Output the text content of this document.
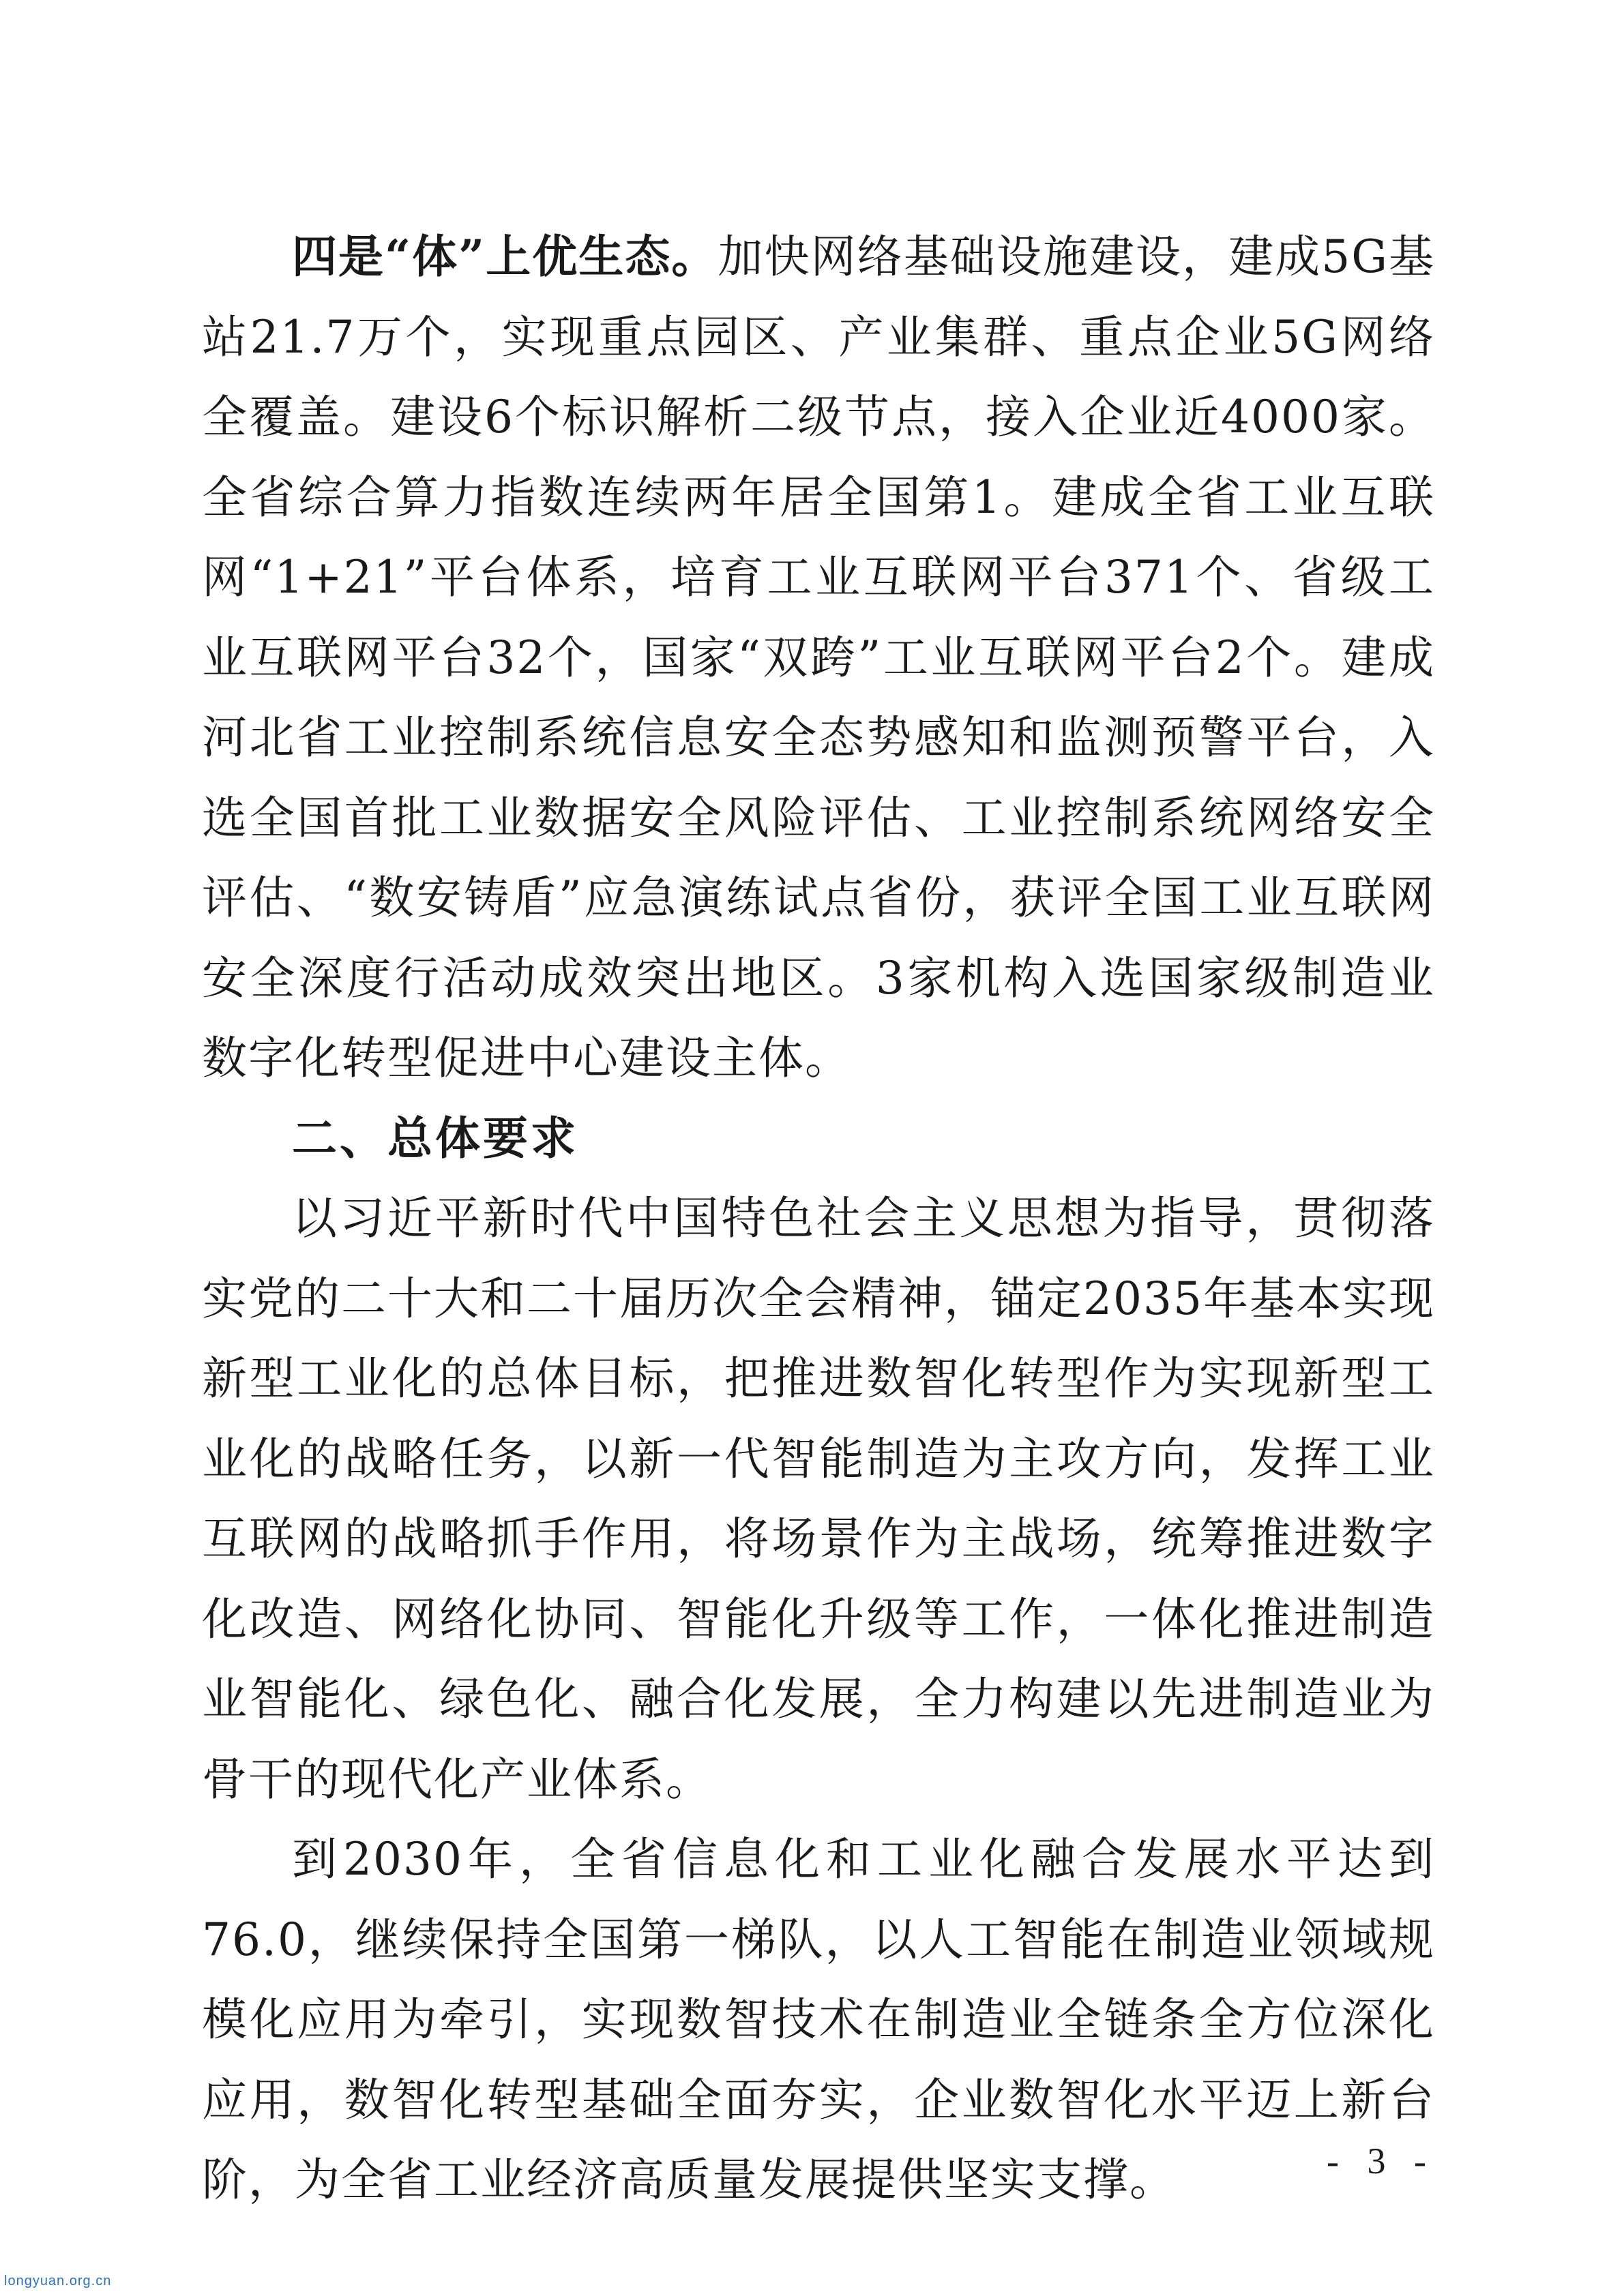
四是“体”上优生态。加快网络基础设施建设，建成5G基站21.7万个，实现重点园区、产业集群、重点企业5G网络全覆盖。建设6个标识解析二级节点，接入企业近4000家。全省综合算力指数连续两年居全国第1。建成全省工业互联网“1+21”平台体系，培育工业互联网平台371个、省级工业互联网平台32个，国家“双跨”工业互联网平台2个。建成河北省工业控制系统信息安全态势感知和监测预警平台，入选全国首批工业数据安全风险评估、工业控制系统网络安全评估、“数安铸盾”应急演练试点省份，获评全国工业互联网安全深度行活动成效突出地区。3家机构入选国家级制造业数字化转型促进中心建设主体。

二、总体要求

以习近平新时代中国特色社会主义思想为指导，贯彻落实党的二十大和二十届历次全会精神，锚定2035年基本实现新型工业化的总体目标，把推进数智化转型作为实现新型工业化的战略任务，以新一代智能制造为主攻方向，发挥工业互联网的战略抓手作用，将场景作为主战场，统筹推进数字化改造、网络化协同、智能化升级等工作，一体化推进制造业智能化、绿色化、融合化发展，全力构建以先进制造业为骨干的现代化产业体系。

到2030年，全省信息化和工业化融合发展水平达到76.0，继续保持全国第一梯队，以人工智能在制造业领域规模化应用为牵引，实现数智技术在制造业全链条全方位深化应用，数智化转型基础全面夯实，企业数智化水平迈上新台阶，为全省工业经济高质量发展提供坚实支撑。	- 3 -
longyuan.org.cn
